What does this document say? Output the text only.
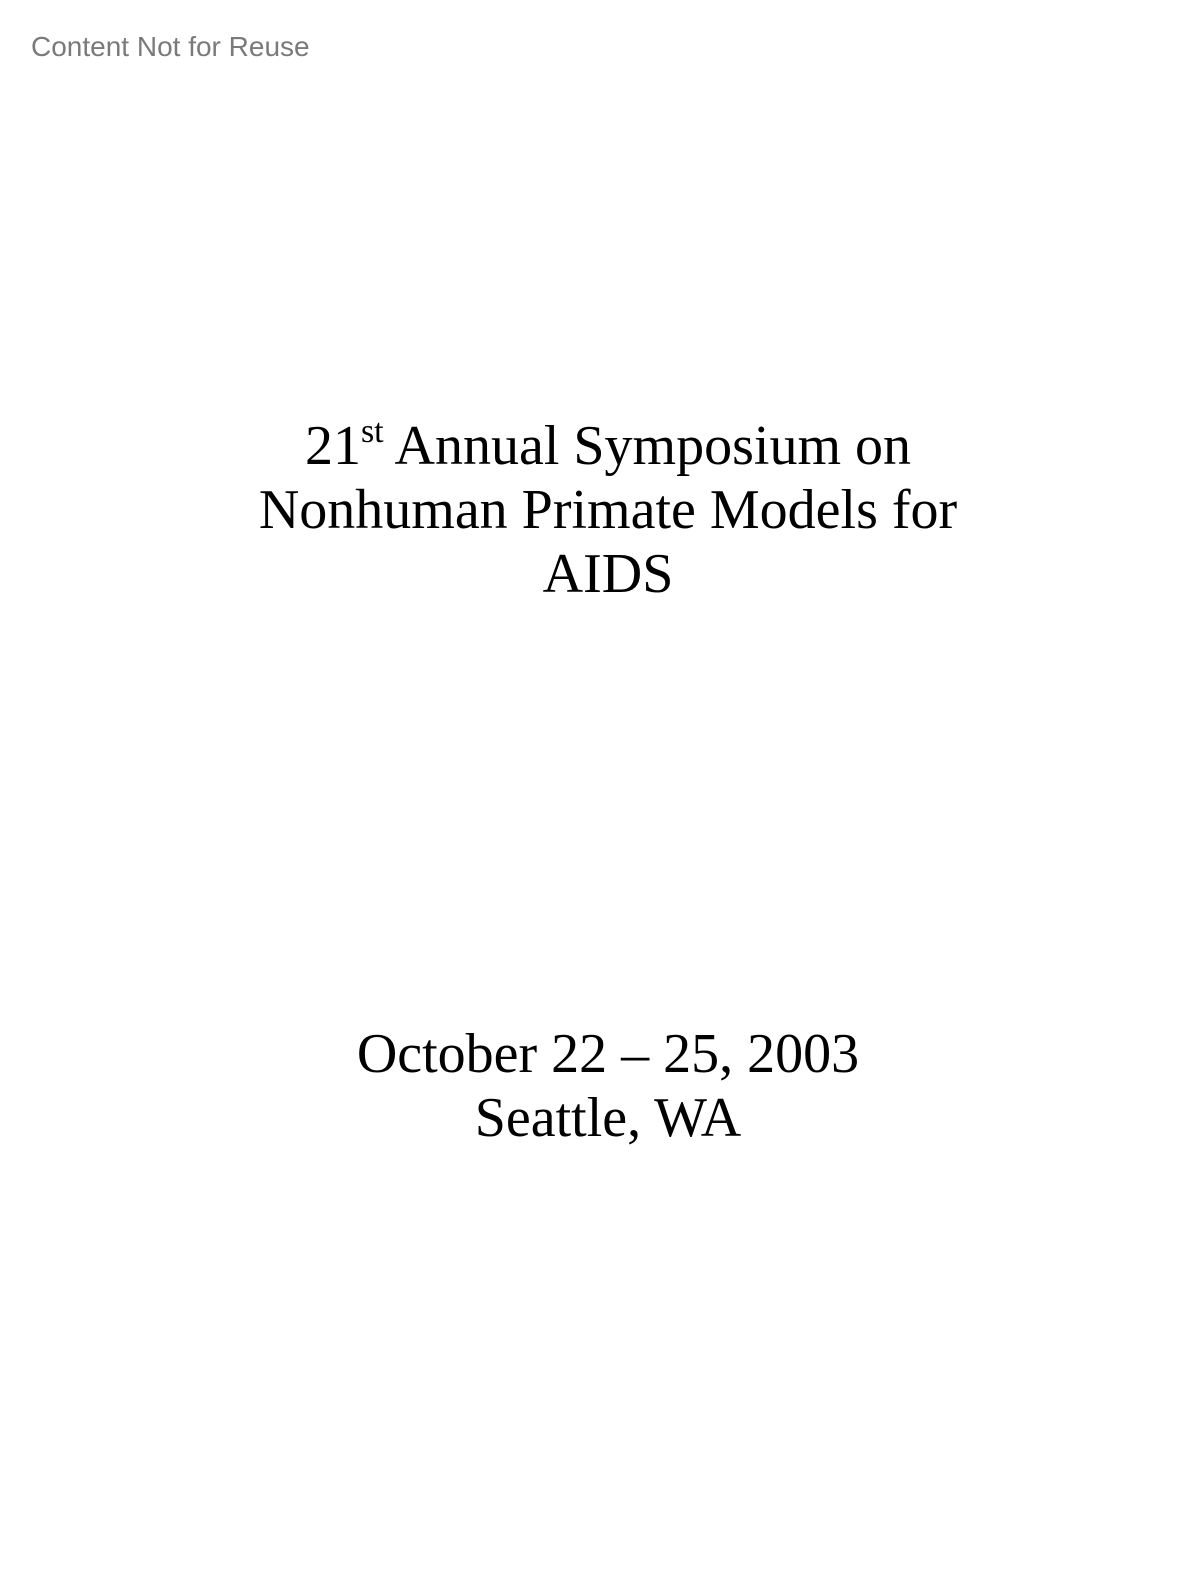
Content Not for Reuse
21st Annual Symposium on
Nonhuman Primate Models for
AIDS
October 22 – 25, 2003
Seattle, WA
